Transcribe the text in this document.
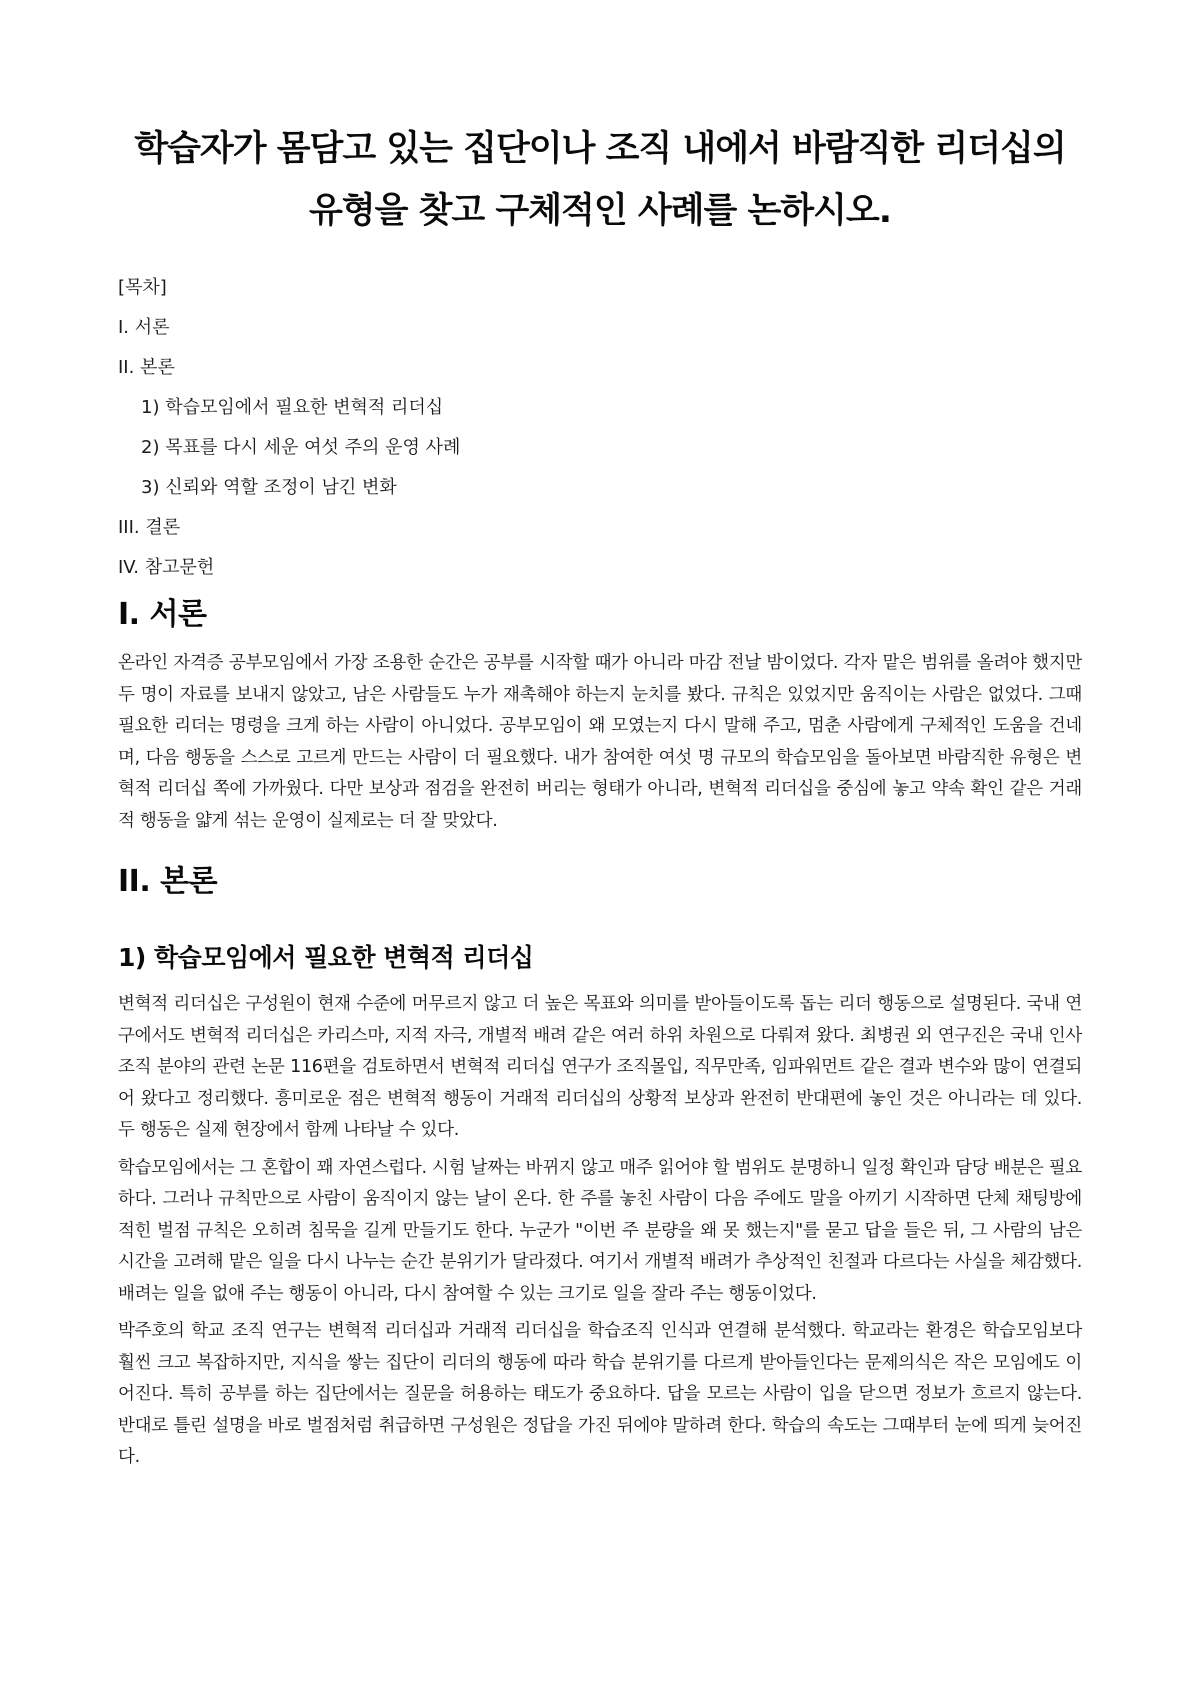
학습자가 몸담고 있는 집단이나 조직 내에서 바람직한 리더십의
유형을 찾고 구체적인 사례를 논하시오.
[목차]
I. 서론
II. 본론
1) 학습모임에서 필요한 변혁적 리더십
2) 목표를 다시 세운 여섯 주의 운영 사례
3) 신뢰와 역할 조정이 남긴 변화
III. 결론
IV. 참고문헌
I. 서론

온라인 자격증 공부모임에서 가장 조용한 순간은 공부를 시작할 때가 아니라 마감 전날 밤이었다. 각자 맡은 범위를 올려야 했지만 두 명이 자료를 보내지 않았고, 남은 사람들도 누가 재촉해야 하는지 눈치를 봤다. 규칙은 있었지만 움직이는 사람은 없었다. 그때 필요한 리더는 명령을 크게 하는 사람이 아니었다. 공부모임이 왜 모였는지 다시 말해 주고, 멈춘 사람에게 구체적인 도움을 건네며, 다음 행동을 스스로 고르게 만드는 사람이 더 필요했다. 내가 참여한 여섯 명 규모의 학습모임을 돌아보면 바람직한 유형은 변혁적 리더십 쪽에 가까웠다. 다만 보상과 점검을 완전히 버리는 형태가 아니라, 변혁적 리더십을 중심에 놓고 약속 확인 같은 거래적 행동을 얇게 섞는 운영이 실제로는 더 잘 맞았다.

II. 본론
1) 학습모임에서 필요한 변혁적 리더십

변혁적 리더십은 구성원이 현재 수준에 머무르지 않고 더 높은 목표와 의미를 받아들이도록 돕는 리더 행동으로 설명된다. 국내 연구에서도 변혁적 리더십은 카리스마, 지적 자극, 개별적 배려 같은 여러 하위 차원으로 다뤄져 왔다. 최병권 외 연구진은 국내 인사조직 분야의 관련 논문 116편을 검토하면서 변혁적 리더십 연구가 조직몰입, 직무만족, 임파워먼트 같은 결과 변수와 많이 연결되어 왔다고 정리했다. 흥미로운 점은 변혁적 행동이 거래적 리더십의 상황적 보상과 완전히 반대편에 놓인 것은 아니라는 데 있다. 두 행동은 실제 현장에서 함께 나타날 수 있다.

학습모임에서는 그 혼합이 꽤 자연스럽다. 시험 날짜는 바뀌지 않고 매주 읽어야 할 범위도 분명하니 일정 확인과 담당 배분은 필요하다. 그러나 규칙만으로 사람이 움직이지 않는 날이 온다. 한 주를 놓친 사람이 다음 주에도 말을 아끼기 시작하면 단체 채팅방에 적힌 벌점 규칙은 오히려 침묵을 길게 만들기도 한다. 누군가 "이번 주 분량을 왜 못 했는지"를 묻고 답을 들은 뒤, 그 사람의 남은 시간을 고려해 맡은 일을 다시 나누는 순간 분위기가 달라졌다. 여기서 개별적 배려가 추상적인 친절과 다르다는 사실을 체감했다. 배려는 일을 없애 주는 행동이 아니라, 다시 참여할 수 있는 크기로 일을 잘라 주는 행동이었다.

박주호의 학교 조직 연구는 변혁적 리더십과 거래적 리더십을 학습조직 인식과 연결해 분석했다. 학교라는 환경은 학습모임보다 훨씬 크고 복잡하지만, 지식을 쌓는 집단이 리더의 행동에 따라 학습 분위기를 다르게 받아들인다는 문제의식은 작은 모임에도 이어진다. 특히 공부를 하는 집단에서는 질문을 허용하는 태도가 중요하다. 답을 모르는 사람이 입을 닫으면 정보가 흐르지 않는다. 반대로 틀린 설명을 바로 벌점처럼 취급하면 구성원은 정답을 가진 뒤에야 말하려 한다. 학습의 속도는 그때부터 눈에 띄게 늦어진다.
